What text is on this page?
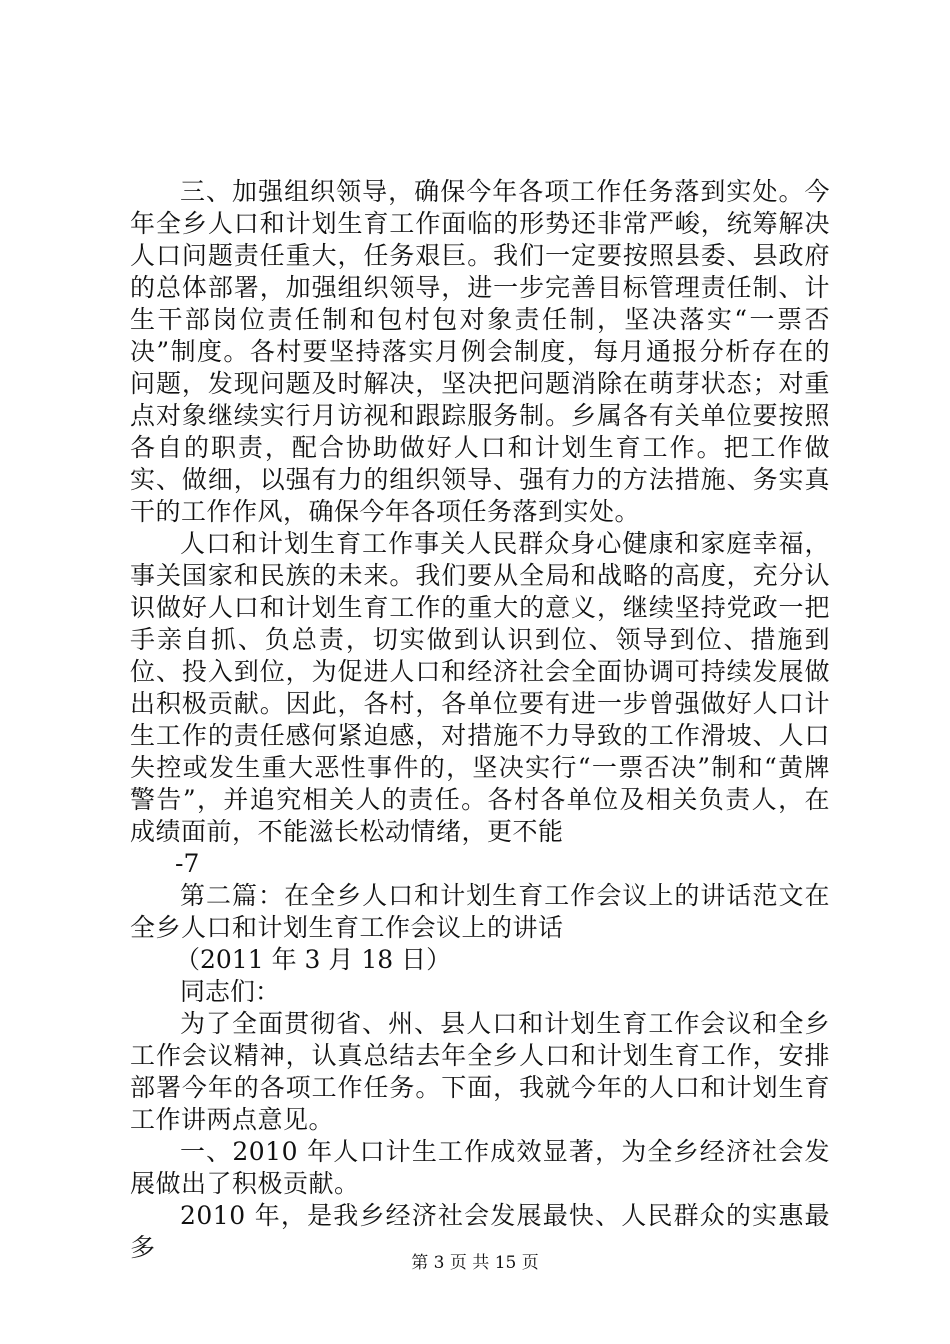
三、加强组织领导，确保今年各项工作任务落到实处。今年全乡人口和计划生育工作面临的形势还非常严峻，统筹解决人口问题责任重大，任务艰巨。我们一定要按照县委、县政府的总体部署，加强组织领导，进一步完善目标管理责任制、计生干部岗位责任制和包村包对象责任制，坚决落实“一票否决”制度。各村要坚持落实月例会制度，每月通报分析存在的问题，发现问题及时解决，坚决把问题消除在萌芽状态；对重点对象继续实行月访视和跟踪服务制。乡属各有关单位要按照各自的职责，配合协助做好人口和计划生育工作。把工作做实、做细，以强有力的组织领导、强有力的方法措施、务实真干的工作作风，确保今年各项任务落到实处。

人口和计划生育工作事关人民群众身心健康和家庭幸福，事关国家和民族的未来。我们要从全局和战略的高度，充分认识做好人口和计划生育工作的重大的意义，继续坚持党政一把手亲自抓、负总责，切实做到认识到位、领导到位、措施到位、投入到位，为促进人口和经济社会全面协调可持续发展做出积极贡献。因此，各村，各单位要有进一步曾强做好人口计生工作的责任感何紧迫感，对措施不力导致的工作滑坡、人口失控或发生重大恶性事件的，坚决实行“一票否决”制和“黄牌警告”，并追究相关人的责任。各村各单位及相关负责人，在成绩面前，不能滋长松动情绪，更不能

-7

第二篇：在全乡人口和计划生育工作会议上的讲话范文在全乡人口和计划生育工作会议上的讲话

（2011 年 3 月 18 日）

同志们：

为了全面贯彻省、州、县人口和计划生育工作会议和全乡工作会议精神，认真总结去年全乡人口和计划生育工作，安排部署今年的各项工作任务。下面，我就今年的人口和计划生育工作讲两点意见。

一、2010 年人口计生工作成效显著，为全乡经济社会发展做出了积极贡献。

2010 年，是我乡经济社会发展最快、人民群众的实惠最多

第 3 页 共 15 页
